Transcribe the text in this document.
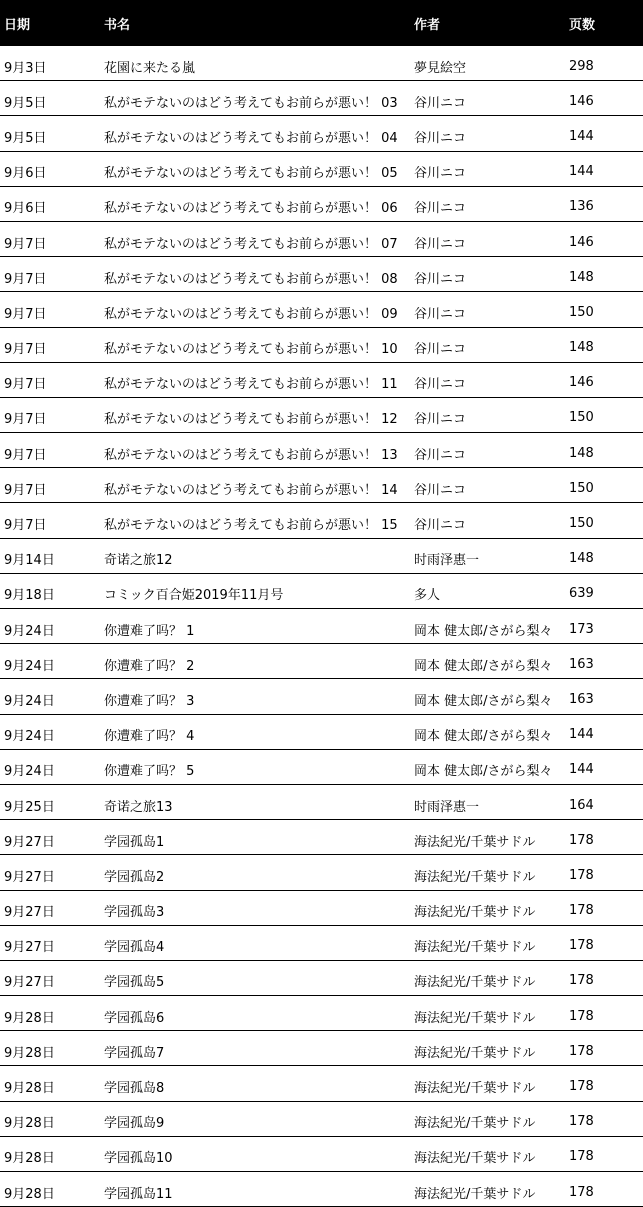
日期	书名	作者	页数
9月3日	花園に来たる嵐	夢見絵空	298
9月5日	私がモテないのはどう考えてもお前らが悪い！ 03	谷川ニコ	146
9月5日	私がモテないのはどう考えてもお前らが悪い！ 04	谷川ニコ	144
9月6日	私がモテないのはどう考えてもお前らが悪い！ 05	谷川ニコ	144
9月6日	私がモテないのはどう考えてもお前らが悪い！ 06	谷川ニコ	136
9月7日	私がモテないのはどう考えてもお前らが悪い！ 07	谷川ニコ	146
9月7日	私がモテないのはどう考えてもお前らが悪い！ 08	谷川ニコ	148
9月7日	私がモテないのはどう考えてもお前らが悪い！ 09	谷川ニコ	150
9月7日	私がモテないのはどう考えてもお前らが悪い！ 10	谷川ニコ	148
9月7日	私がモテないのはどう考えてもお前らが悪い！ 11	谷川ニコ	146
9月7日	私がモテないのはどう考えてもお前らが悪い！ 12	谷川ニコ	150
9月7日	私がモテないのはどう考えてもお前らが悪い！ 13	谷川ニコ	148
9月7日	私がモテないのはどう考えてもお前らが悪い！ 14	谷川ニコ	150
9月7日	私がモテないのはどう考えてもお前らが悪い！ 15	谷川ニコ	150
9月14日	奇诺之旅12	时雨泽惠一	148
9月18日	コミック百合姫2019年11月号	多人	639
9月24日	你遭难了吗？ 1	岡本 健太郎/さがら梨々	173
9月24日	你遭难了吗？ 2	岡本 健太郎/さがら梨々	163
9月24日	你遭难了吗？ 3	岡本 健太郎/さがら梨々	163
9月24日	你遭难了吗？ 4	岡本 健太郎/さがら梨々	144
9月24日	你遭难了吗？ 5	岡本 健太郎/さがら梨々	144
9月25日	奇诺之旅13	时雨泽惠一	164
9月27日	学园孤岛1	海法紀光/千葉サドル	178
9月27日	学园孤岛2	海法紀光/千葉サドル	178
9月27日	学园孤岛3	海法紀光/千葉サドル	178
9月27日	学园孤岛4	海法紀光/千葉サドル	178
9月27日	学园孤岛5	海法紀光/千葉サドル	178
9月28日	学园孤岛6	海法紀光/千葉サドル	178
9月28日	学园孤岛7	海法紀光/千葉サドル	178
9月28日	学园孤岛8	海法紀光/千葉サドル	178
9月28日	学园孤岛9	海法紀光/千葉サドル	178
9月28日	学园孤岛10	海法紀光/千葉サドル	178
9月28日	学园孤岛11	海法紀光/千葉サドル	178
